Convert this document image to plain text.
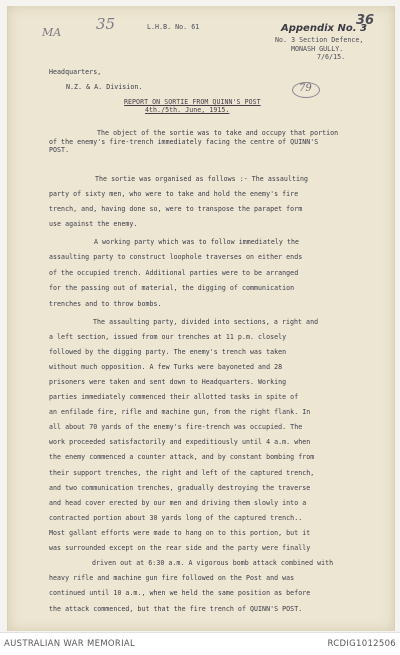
MA 35	36
L.H.B. No. 61	Appendix No. 3
No. 3 Section Defence,
MONASH GULLY.
7/6/15.
Headquarters,
N.Z. & A. Division.	79
REPORT ON SORTIE FROM QUINN'S POST
4th./5th. June, 1915.
The object of the sortie was to take and occupy that portion
of the enemy's fire-trench immediately facing the centre of QUINN'S
POST.
The sortie was organised as follows :- The assaulting
party of sixty men, who were to take and hold the enemy's fire
trench, and, having done so, were to transpose the parapet form
use against the enemy.
A working party which was to follow immediately the
assaulting party to construct loophole traverses on either ends
of the occupied trench. Additional parties were to be arranged
for the passing out of material, the digging of communication
trenches and to throw bombs.
The assaulting party, divided into sections, a right and
a left section, issued from our trenches at 11 p.m. closely
followed by the digging party. The enemy's trench was taken
without much opposition. A few Turks were bayoneted and 28
prisoners were taken and sent down to Headquarters. Working
parties immediately commenced their allotted tasks in spite of
an enfilade fire, rifle and machine gun, from the right flank. In
all about 70 yards of the enemy's fire-trench was occupied. The
work proceeded satisfactorily and expeditiously until 4 a.m. when
the enemy commenced a counter attack, and by constant bombing from
their support trenches, the right and left of the captured trench,
and two communication trenches, gradually destroying the traverse
and head cover erected by our men and driving them slowly into a
contracted portion about 30 yards long of the captured trench..
Most gallant efforts were made to hang on to this portion, but it
was surrounded except on the rear side and the party were finally
driven out at 6:30 a.m. A vigorous bomb attack combined with
heavy rifle and machine gun fire followed on the Post and was
continued until 10 a.m., when we held the same position as before
the attack commenced, but that the fire trench of QUINN'S POST.
AUSTRALIAN WAR MEMORIAL	RCDIG1012506
